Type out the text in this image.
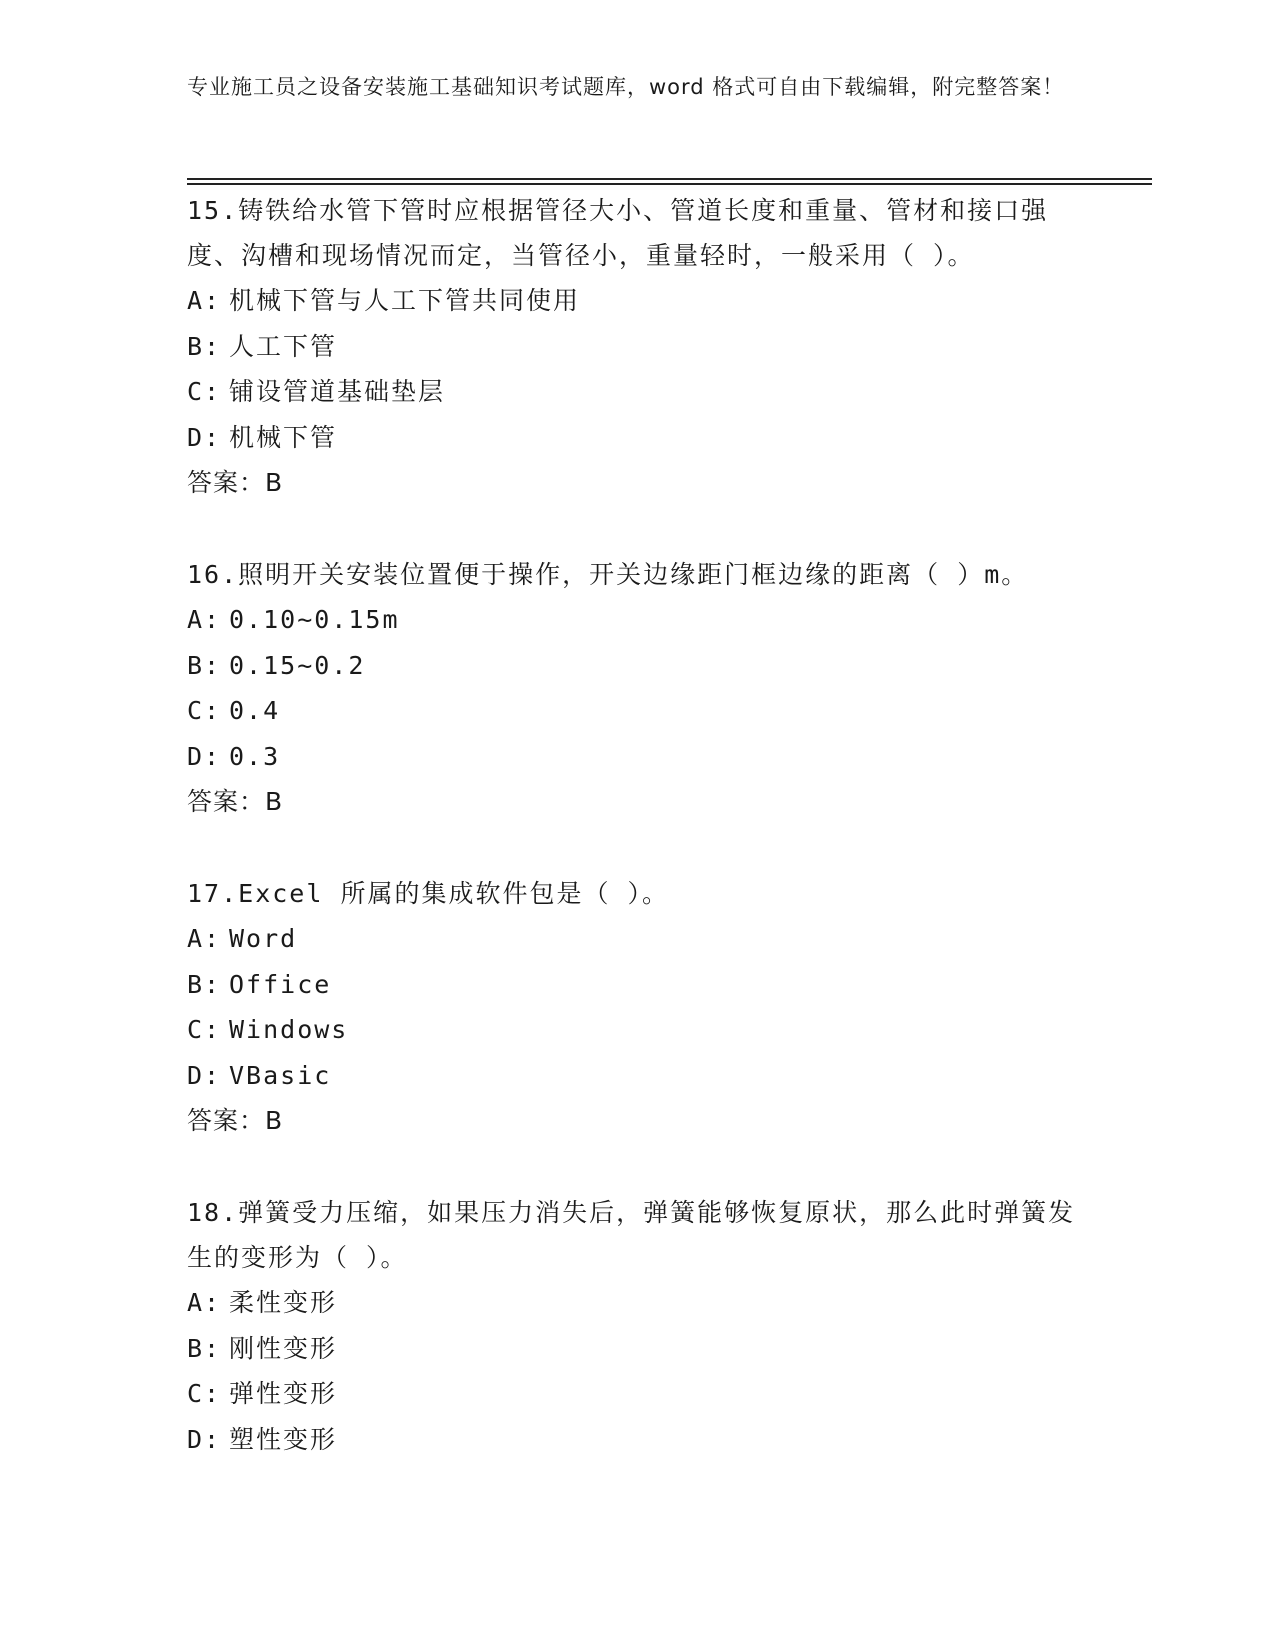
专业施工员之设备安装施工基础知识考试题库，word 格式可自由下载编辑，附完整答案！

15.铸铁给水管下管时应根据管径大小、管道长度和重量、管材和接口强度、沟槽和现场情况而定，当管径小，重量轻时，一般采用（ ）。

A: 机械下管与人工下管共同使用

B: 人工下管

C: 铺设管道基础垫层

D: 机械下管

答案：B

16.照明开关安装位置便于操作，开关边缘距门框边缘的距离（ ）m。

A: 0.10~0.15m

B: 0.15~0.2

C: 0.4

D: 0.3

答案：B

17.Excel 所属的集成软件包是（ ）。

A: Word

B: Office

C: Windows

D: VBasic

答案：B

18.弹簧受力压缩，如果压力消失后，弹簧能够恢复原状，那么此时弹簧发生的变形为（ ）。

A: 柔性变形

B: 刚性变形

C: 弹性变形

D: 塑性变形
